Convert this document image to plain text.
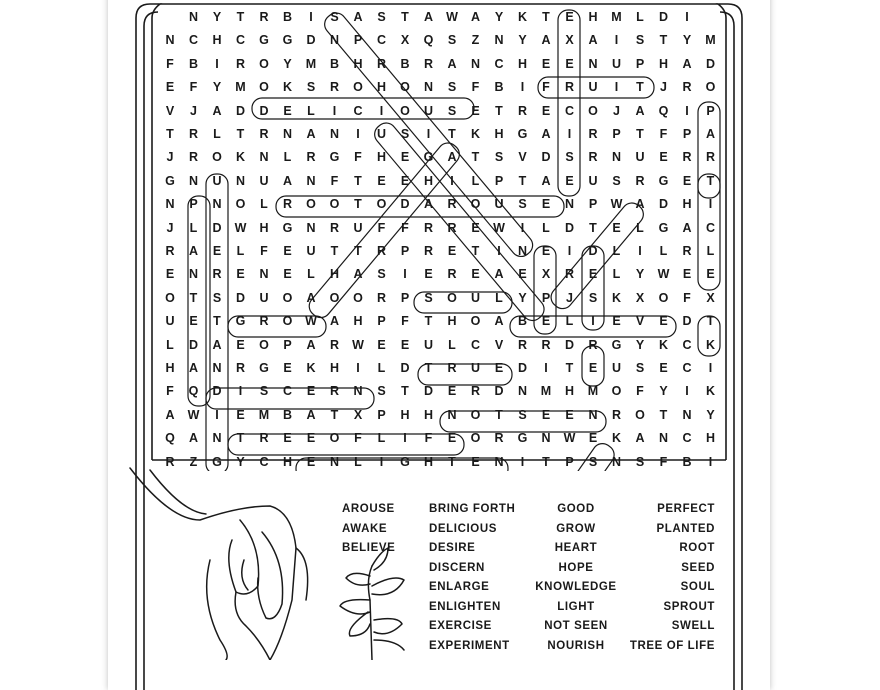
N	Y	T	R	B	I	S	A	S	T	A	W	A	Y	K	T	E	H	M	L	D	I
N	C	H	C	G	G	D	N	P	C	X	Q	S	Z	N	Y	A	X	A	I	S	T	Y	M
F	B	I	R	O	Y	M	B	H	R	B	R	A	N	C	H	E	E	N	U	P	H	A	D
E	F	Y	M	O	K	S	R	O	H	O	N	S	F	B	I	F	R	U	I	T	J	R	O
V	J	A	D	D	E	L	I	C	I	O	U	S	E	T	R	E	C	O	J	A	Q	I	P
T	R	L	T	R	N	A	N	I	U	S	I	T	K	H	G	A	I	R	P	T	F	P	A
J	R	O	K	N	L	R	G	F	H	E	G	A	T	S	V	D	S	R	N	U	E	R	R
G	N	U	N	U	A	N	F	T	E	E	H	I	L	P	T	A	E	U	S	R	G	E	T
N	P	N	O	L	R	O	O	T	O	D	A	R	O	U	S	E	N	P	W	A	D	H	I
J	L	D	W	H	G	N	R	U	F	F	R	R	E	W	I	L	D	T	E	L	G	A	C
R	A	E	L	F	E	U	T	T	R	P	R	E	T	I	N	E	I	D	L	I	L	R	L
E	N	R	E	N	E	L	H	A	S	I	E	R	E	A	E	X	R	E	L	Y	W	E	E
O	T	S	D	U	O	A	O	O	R	P	S	O	U	L	Y	P	J	S	K	X	O	F	X
U	E	T	G	R	O	W	A	H	P	F	T	H	O	A	B	E	L	I	E	V	E	D	T
L	D	A	E	O	P	A	R	W	E	E	U	L	C	V	R	R	D	R	G	Y	K	C	K
H	A	N	R	G	E	K	H	I	L	D	T	R	U	E	D	I	T	E	U	S	E	C	I
F	Q	D	I	S	C	E	R	N	S	T	D	E	R	D	N	M	H	M	O	F	Y	I	K
A	W	I	E	M	B	A	T	X	P	H	H	N	O	T	S	E	E	N	R	O	T	N	Y
Q	A	N	T	R	E	E	O	F	L	I	F	E	O	R	G	N	W	E	K	A	N	C	H
R	Z	G	Y	C	H	E	N	L	I	G	H	T	E	N	I	T	P	S	N	S	F	B	I
AROUSE
AWAKE
BELIEVE
BRING FORTH
DELICIOUS
DESIRE
DISCERN
ENLARGE
ENLIGHTEN
EXERCISE
EXPERIMENT
GOOD
GROW
HEART
HOPE
KNOWLEDGE
LIGHT
NOT SEEN
NOURISH
PERFECT
PLANTED
ROOT
SEED
SOUL
SPROUT
SWELL
TREE OF LIFE
